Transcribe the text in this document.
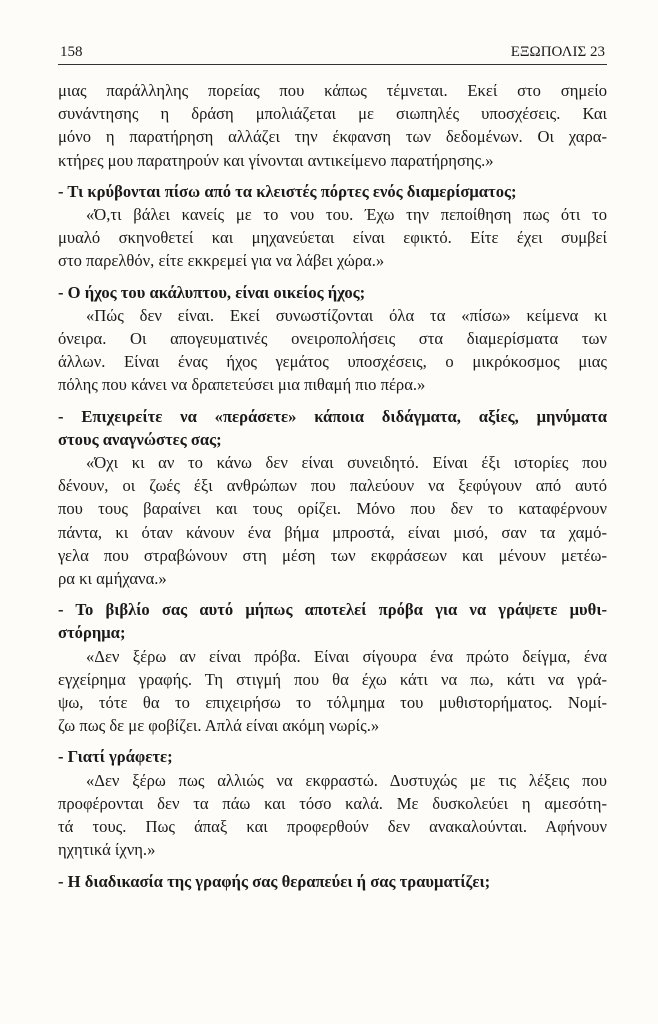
158	ΕΞΩΠΟΛΙΣ 23

μιας παράλληλης πορείας που κάπως τέμνεται. Εκεί στο σημείο
συνάντησης η δράση μπολιάζεται με σιωπηλές υποσχέσεις. Και
μόνο η παρατήρηση αλλάζει την έκφανση των δεδομένων. Οι χαρα-
κτήρες μου παρατηρούν και γίνονται αντικείμενο παρατήρησης.»

- Τι κρύβονται πίσω από τα κλειστές πόρτες ενός διαμερίσματος;

«Ό,τι βάλει κανείς με το νου του. Έχω την πεποίθηση πως ότι το
μυαλό σκηνοθετεί και μηχανεύεται είναι εφικτό. Είτε έχει συμβεί
στο παρελθόν, είτε εκκρεμεί για να λάβει χώρα.»

- Ο ήχος του ακάλυπτου, είναι οικείος ήχος;

«Πώς δεν είναι. Εκεί συνωστίζονται όλα τα «πίσω» κείμενα κι
όνειρα. Οι απογευματινές ονειροπολήσεις στα διαμερίσματα των
άλλων. Είναι ένας ήχος γεμάτος υποσχέσεις, ο μικρόκοσμος μιας
πόλης που κάνει να δραπετεύσει μια πιθαμή πιο πέρα.»

- Επιχειρείτε να «περάσετε» κάποια διδάγματα, αξίες, μηνύματα
στους αναγνώστες σας;

«Όχι κι αν το κάνω δεν είναι συνειδητό. Είναι έξι ιστορίες που
δένουν, οι ζωές έξι ανθρώπων που παλεύουν να ξεφύγουν από αυτό
που τους βαραίνει και τους ορίζει. Μόνο που δεν το καταφέρνουν
πάντα, κι όταν κάνουν ένα βήμα μπροστά, είναι μισό, σαν τα χαμό-
γελα που στραβώνουν στη μέση των εκφράσεων και μένουν μετέω-
ρα κι αμήχανα.»

- Το βιβλίο σας αυτό μήπως αποτελεί πρόβα για να γράψετε μυθι-
στόρημα;

«Δεν ξέρω αν είναι πρόβα. Είναι σίγουρα ένα πρώτο δείγμα, ένα
εγχείρημα γραφής. Τη στιγμή που θα έχω κάτι να πω, κάτι να γρά-
ψω, τότε θα το επιχειρήσω το τόλμημα του μυθιστορήματος. Νομί-
ζω πως δε με φοβίζει. Απλά είναι ακόμη νωρίς.»

- Γιατί γράφετε;

«Δεν ξέρω πως αλλιώς να εκφραστώ. Δυστυχώς με τις λέξεις που
προφέρονται δεν τα πάω και τόσο καλά. Με δυσκολεύει η αμεσότη-
τά τους. Πως άπαξ και προφερθούν δεν ανακαλούνται. Αφήνουν
ηχητικά ίχνη.»

- Η διαδικασία της γραφής σας θεραπεύει ή σας τραυματίζει;
